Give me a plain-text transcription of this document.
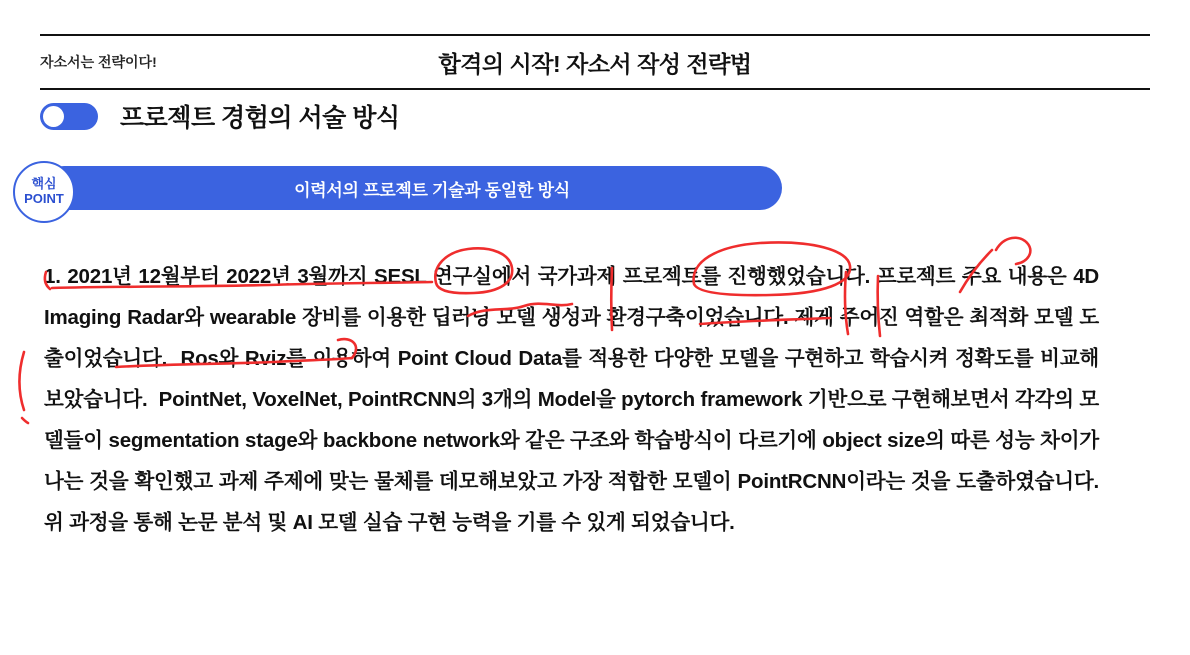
자소서는 전략이다!	합격의 시작! 자소서 작성 전략법
프로젝트 경험의 서술 방식
핵심
POINT	이력서의 프로젝트 기술과 동일한 방식
1. 2021년 12월부터 2022년 3월까지 SESL 연구실에서 국가과제 프로젝트를 진행했었습니다. 프로젝트 주요 내용은 4D Imaging Radar와 wearable 장비를 이용한 딥러닝 모델 생성과 환경구축이었습니다. 제게 주어진 역할은 최적화 모델 도출이었습니다.  Ros와 Rviz를 이용하여 Point Cloud Data를 적용한 다양한 모델을 구현하고 학습시켜 정확도를 비교해보았습니다.  PointNet, VoxelNet, PointRCNN의 3개의 Model을 pytorch framework 기반으로 구현해보면서 각각의 모델들이 segmentation stage와 backbone network와 같은 구조와 학습방식이 다르기에 object size의 따른 성능 차이가 나는 것을 확인했고 과제 주제에 맞는 물체를 데모해보았고 가장 적합한 모델이 PointRCNN이라는 것을 도출하였습니다. 위 과정을 통해 논문 분석 및 AI 모델 실습 구현 능력을 기를 수 있게 되었습니다.
